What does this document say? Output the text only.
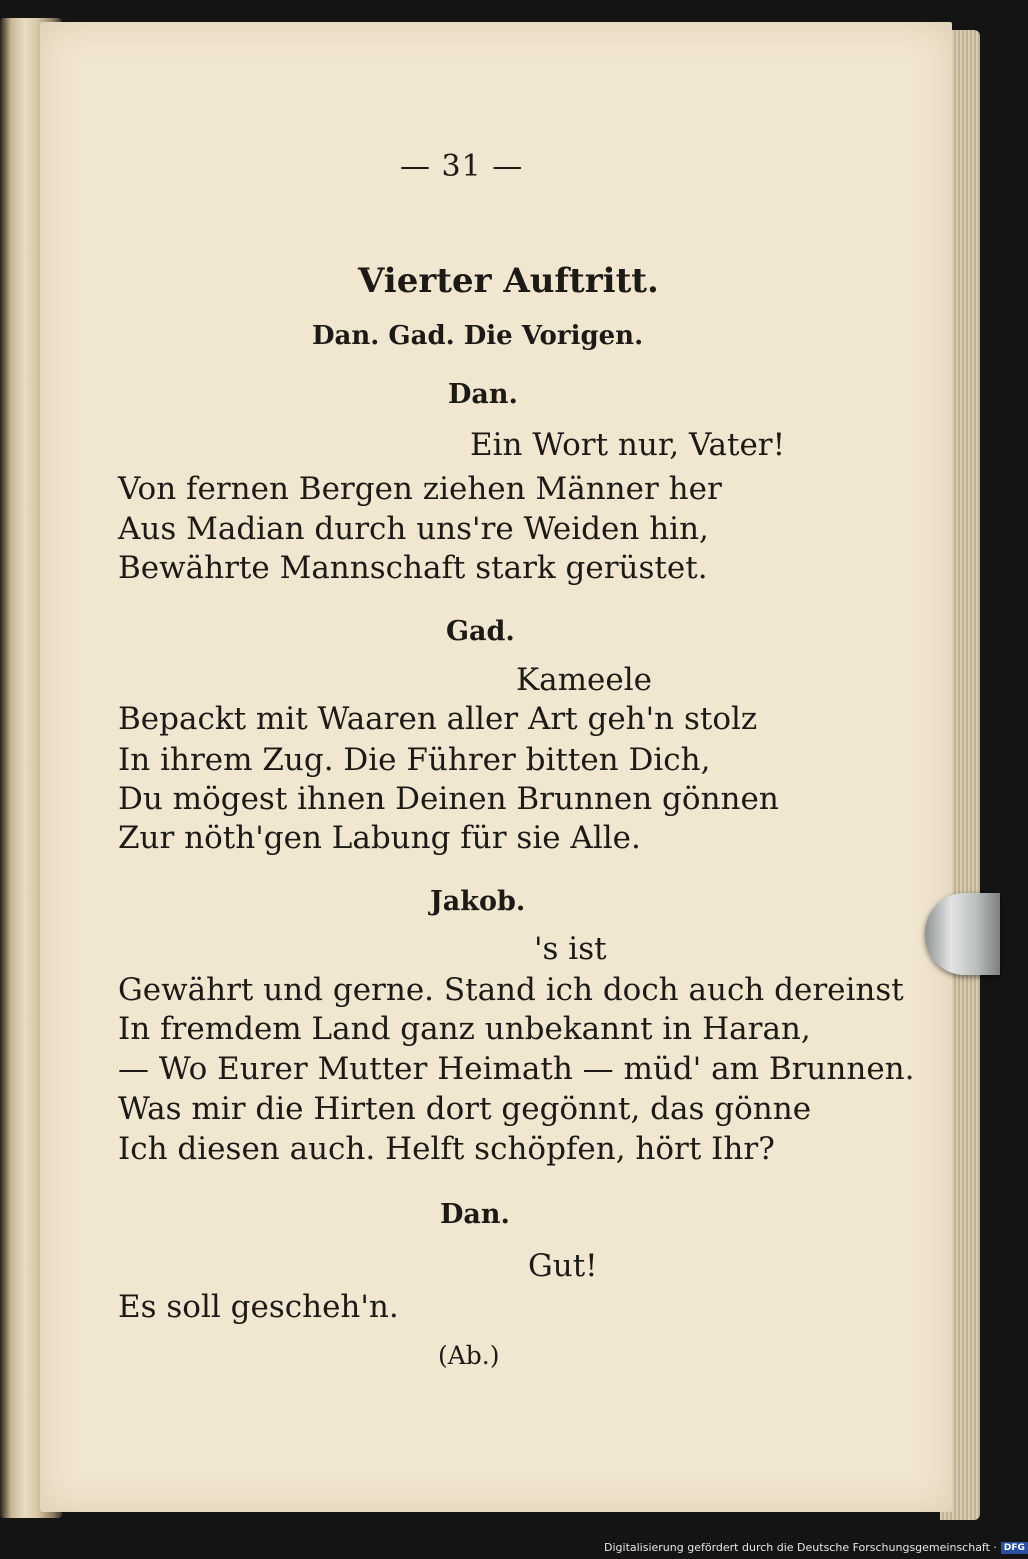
— 31 —
Vierter Auftritt.
Dan. Gad. Die Vorigen.
Dan.
Ein Wort nur, Vater!
Von fernen Bergen ziehen Männer her
Aus Madian durch uns're Weiden hin,
Bewährte Mannschaft stark gerüstet.
Gad.
Kameele
Bepackt mit Waaren aller Art geh'n stolz
In ihrem Zug. Die Führer bitten Dich,
Du mögest ihnen Deinen Brunnen gönnen
Zur nöth'gen Labung für sie Alle.
Jakob.
's ist
Gewährt und gerne. Stand ich doch auch dereinst
In fremdem Land ganz unbekannt in Haran,
— Wo Eurer Mutter Heimath — müd' am Brunnen.
Was mir die Hirten dort gegönnt, das gönne
Ich diesen auch. Helft schöpfen, hört Ihr?
Dan.
Gut!
Es soll gescheh'n.
(Ab.)
Digitalisierung gefördert durch die Deutsche Forschungsgemeinschaft · DFG
